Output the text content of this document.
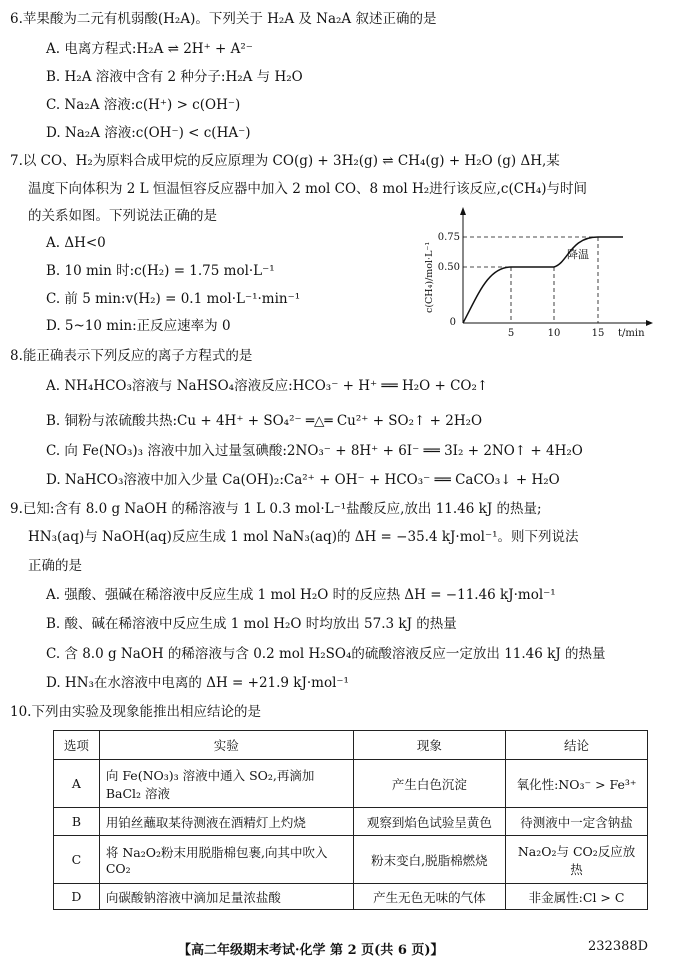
6.苹果酸为二元有机弱酸(H₂A)。下列关于 H₂A 及 Na₂A 叙述正确的是
A. 电离方程式:H₂A ⇌ 2H⁺ + A²⁻
B. H₂A 溶液中含有 2 种分子:H₂A 与 H₂O
C. Na₂A 溶液:c(H⁺) > c(OH⁻)
D. Na₂A 溶液:c(OH⁻) < c(HA⁻)
7.以 CO、H₂为原料合成甲烷的反应原理为 CO(g) + 3H₂(g) ⇌ CH₄(g) + H₂O (g) ΔH,某
温度下向体积为 2 L 恒温恒容反应器中加入 2 mol CO、8 mol H₂进行该反应,c(CH₄)与时间
的关系如图。下列说法正确的是
A. ΔH<0
B. 10 min 时:c(H₂) = 1.75 mol·L⁻¹
C. 前 5 min:v(H₂) = 0.1 mol·L⁻¹·min⁻¹
D. 5~10 min:正反应速率为 0	0
0.75
0.50
5	10	15 t/min
降温
c(CH₄)/mol·L⁻¹
8.能正确表示下列反应的离子方程式的是
A. NH₄HCO₃溶液与 NaHSO₄溶液反应:HCO₃⁻ + H⁺ ══ H₂O + CO₂↑
B. 铜粉与浓硫酸共热:Cu + 4H⁺ + SO₄²⁻ ═△═ Cu²⁺ + SO₂↑ + 2H₂O
C. 向 Fe(NO₃)₃ 溶液中加入过量氢碘酸:2NO₃⁻ + 8H⁺ + 6I⁻ ══ 3I₂ + 2NO↑ + 4H₂O
D. NaHCO₃溶液中加入少量 Ca(OH)₂:Ca²⁺ + OH⁻ + HCO₃⁻ ══ CaCO₃↓ + H₂O
9.已知:含有 8.0 g NaOH 的稀溶液与 1 L 0.3 mol·L⁻¹盐酸反应,放出 11.46 kJ 的热量;
HN₃(aq)与 NaOH(aq)反应生成 1 mol NaN₃(aq)的 ΔH = −35.4 kJ·mol⁻¹。则下列说法
正确的是
A. 强酸、强碱在稀溶液中反应生成 1 mol H₂O 时的反应热 ΔH = −11.46 kJ·mol⁻¹
B. 酸、碱在稀溶液中反应生成 1 mol H₂O 时均放出 57.3 kJ 的热量
C. 含 8.0 g NaOH 的稀溶液与含 0.2 mol H₂SO₄的硫酸溶液反应一定放出 11.46 kJ 的热量
D. HN₃在水溶液中电离的 ΔH = +21.9 kJ·mol⁻¹
10.下列由实验及现象能推出相应结论的是
选项	实验	现象	结论
A	向 Fe(NO₃)₃ 溶液中通入 SO₂,再滴加 BaCl₂ 溶液	产生白色沉淀	氧化性:NO₃⁻ > Fe³⁺
B	用铂丝蘸取某待测液在酒精灯上灼烧	观察到焰色试验呈黄色	待测液中一定含钠盐
C	将 Na₂O₂粉末用脱脂棉包裹,向其中吹入 CO₂	粉末变白,脱脂棉燃烧	Na₂O₂与 CO₂反应放热
D	向碳酸钠溶液中滴加足量浓盐酸	产生无色无味的气体	非金属性:Cl > C
【高二年级期末考试·化学 第 2 页(共 6 页)】	232388D
